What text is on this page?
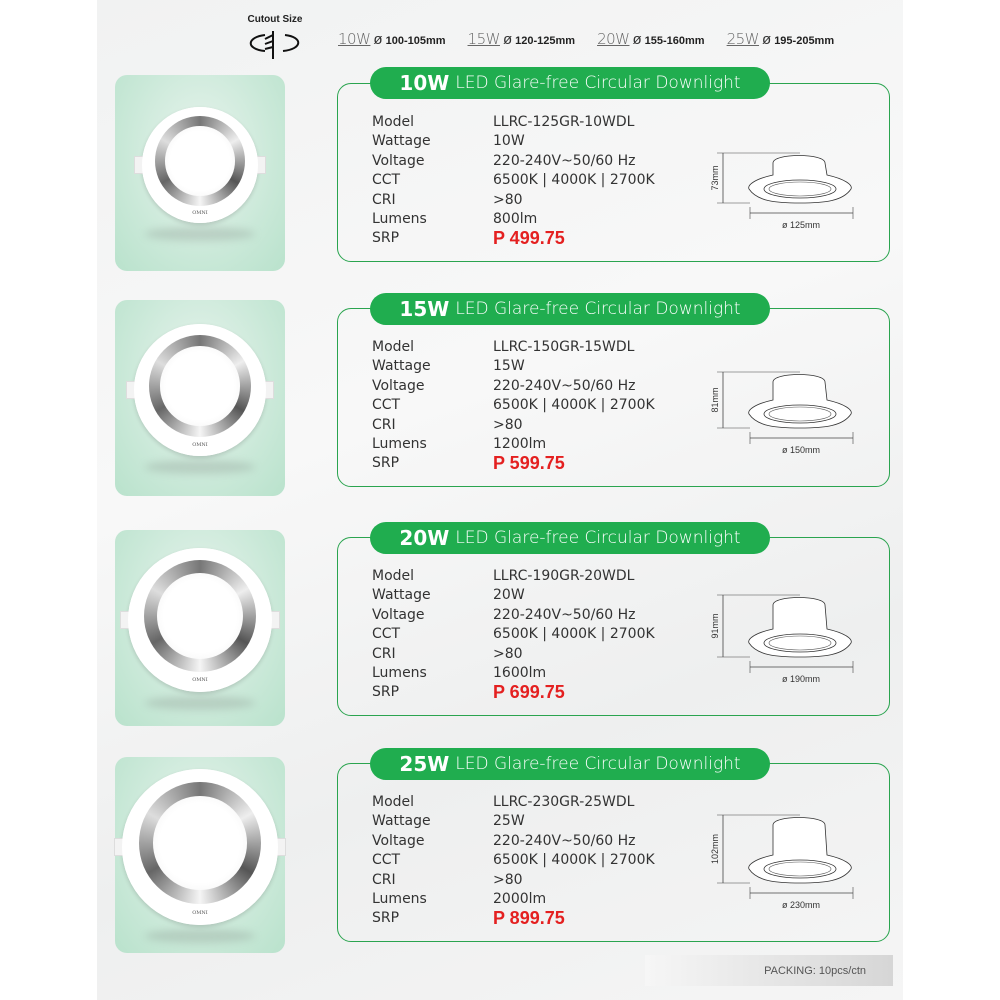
Cutout Size
10W ø 100-105mm 15W ø 120-125mm 20W ø 155-160mm 25W ø 195-205mm
OMNI
10W LED Glare-free Circular Downlight
Model	LLRC-125GR-10WDL
Wattage	10W
Voltage	220-240V~50/60 Hz
CCT	6500K | 4000K | 2700K
CRI	>80
Lumens	800lm
SRP	P 499.75
ø 125mm
73mm
OMNI
15W LED Glare-free Circular Downlight
Model	LLRC-150GR-15WDL
Wattage	15W
Voltage	220-240V~50/60 Hz
CCT	6500K | 4000K | 2700K
CRI	>80
Lumens	1200lm
SRP	P 599.75
ø 150mm
81mm
OMNI
20W LED Glare-free Circular Downlight
Model	LLRC-190GR-20WDL
Wattage	20W
Voltage	220-240V~50/60 Hz
CCT	6500K | 4000K | 2700K
CRI	>80
Lumens	1600lm
SRP	P 699.75
ø 190mm
91mm
OMNI
25W LED Glare-free Circular Downlight
Model	LLRC-230GR-25WDL
Wattage	25W
Voltage	220-240V~50/60 Hz
CCT	6500K | 4000K | 2700K
CRI	>80
Lumens	2000lm
SRP	P 899.75
ø 230mm
102mm
PACKING: 10pcs/ctn
